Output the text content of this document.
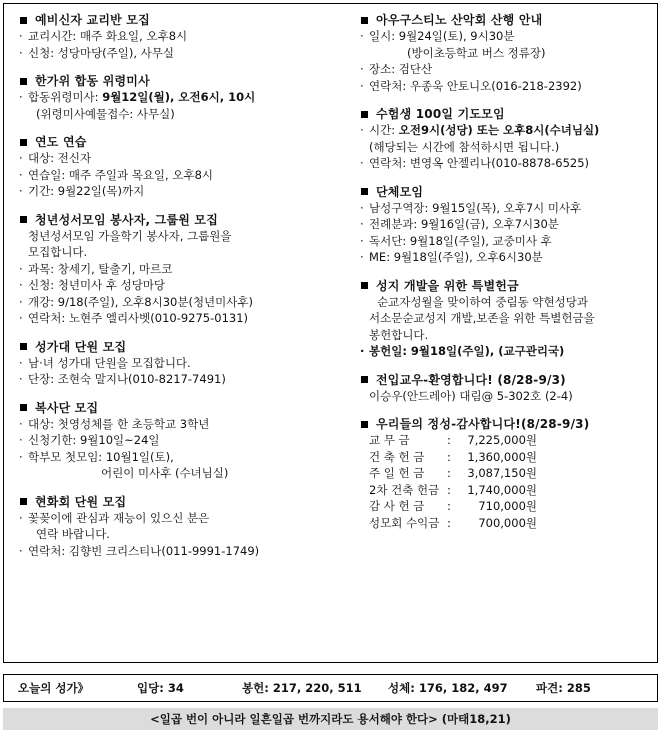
예비신자 교리반 모집
· 교리시간: 매주 화요일, 오후8시
· 신청: 성당마당(주일), 사무실
한가위 합동 위령미사
· 합동위령미사: 9월12일(월), 오전6시, 10시
(위령미사예물접수: 사무실)
연도 연습
· 대상: 전신자
· 연습일: 매주 주일과 목요일, 오후8시
· 기간: 9월22일(목)까지
청년성서모임 봉사자, 그룹원 모집
청년성서모임 가을학기 봉사자, 그룹원을
모집합니다.
· 과목: 창세기, 탈출기, 마르코
· 신청: 청년미사 후 성당마당
· 개강: 9/18(주일), 오후8시30분(청년미사후)
· 연락처: 노현주 엘리사벳(010-9275-0131)
성가대 단원 모집
· 남·녀 성가대 단원을 모집합니다.
· 단장: 조현숙 말지나(010-8217-7491)
복사단 모집
· 대상: 첫영성체를 한 초등학교 3학년
· 신청기한: 9월10일~24일
· 학부모 첫모임: 10월1일(토),
어린이 미사후 (수녀님실)
현화회 단원 모집
· 꽃꽂이에 관심과 재능이 있으신 분은
연락 바랍니다.
· 연락처: 김향빈 크리스티나(011-9991-1749)
아우구스티노 산악회 산행 안내
· 일시: 9월24일(토), 9시30분
(방이초등학교 버스 정류장)
· 장소: 검단산
· 연락처: 우종욱 안토니오(016-218-2392)
수험생 100일 기도모임
· 시간: 오전9시(성당) 또는 오후8시(수녀님실)
(해당되는 시간에 참석하시면 됩니다.)
· 연락처: 변영옥 안젤리나(010-8878-6525)
단체모임
· 남성구역장: 9월15일(목), 오후7시 미사후
· 전례분과: 9월16일(금), 오후7시30분
· 독서단: 9월18일(주일), 교중미사 후
· ME: 9월18일(주일), 오후6시30분
성지 개발을 위한 특별헌금
순교자성월을 맞이하여 중림동 약현성당과
서소문순교성지 개발,보존을 위한 특별헌금을
봉헌합니다.
· 봉헌일: 9월18일(주일), (교구관리국)
전입교우-환영합니다! (8/28-9/3)
이승우(안드레아) 대림@ 5-302호 (2-4)
우리들의 정성-감사합니다!(8/28-9/3)
교 무 금	:	7,225,000원
건 축 헌 금	:	1,360,000원
주 일 헌 금	:	3,087,150원
2차 건축 헌금 :	1,740,000원
감 사 헌 금	:	710,000원
성모회 수익금 :	700,000원
오늘의 성가》	입당: 34	봉헌: 217, 220, 511 성체: 176, 182, 497 파견: 285
<일곱 번이 아니라 일흔일곱 번까지라도 용서해야 한다> (마태18,21)
